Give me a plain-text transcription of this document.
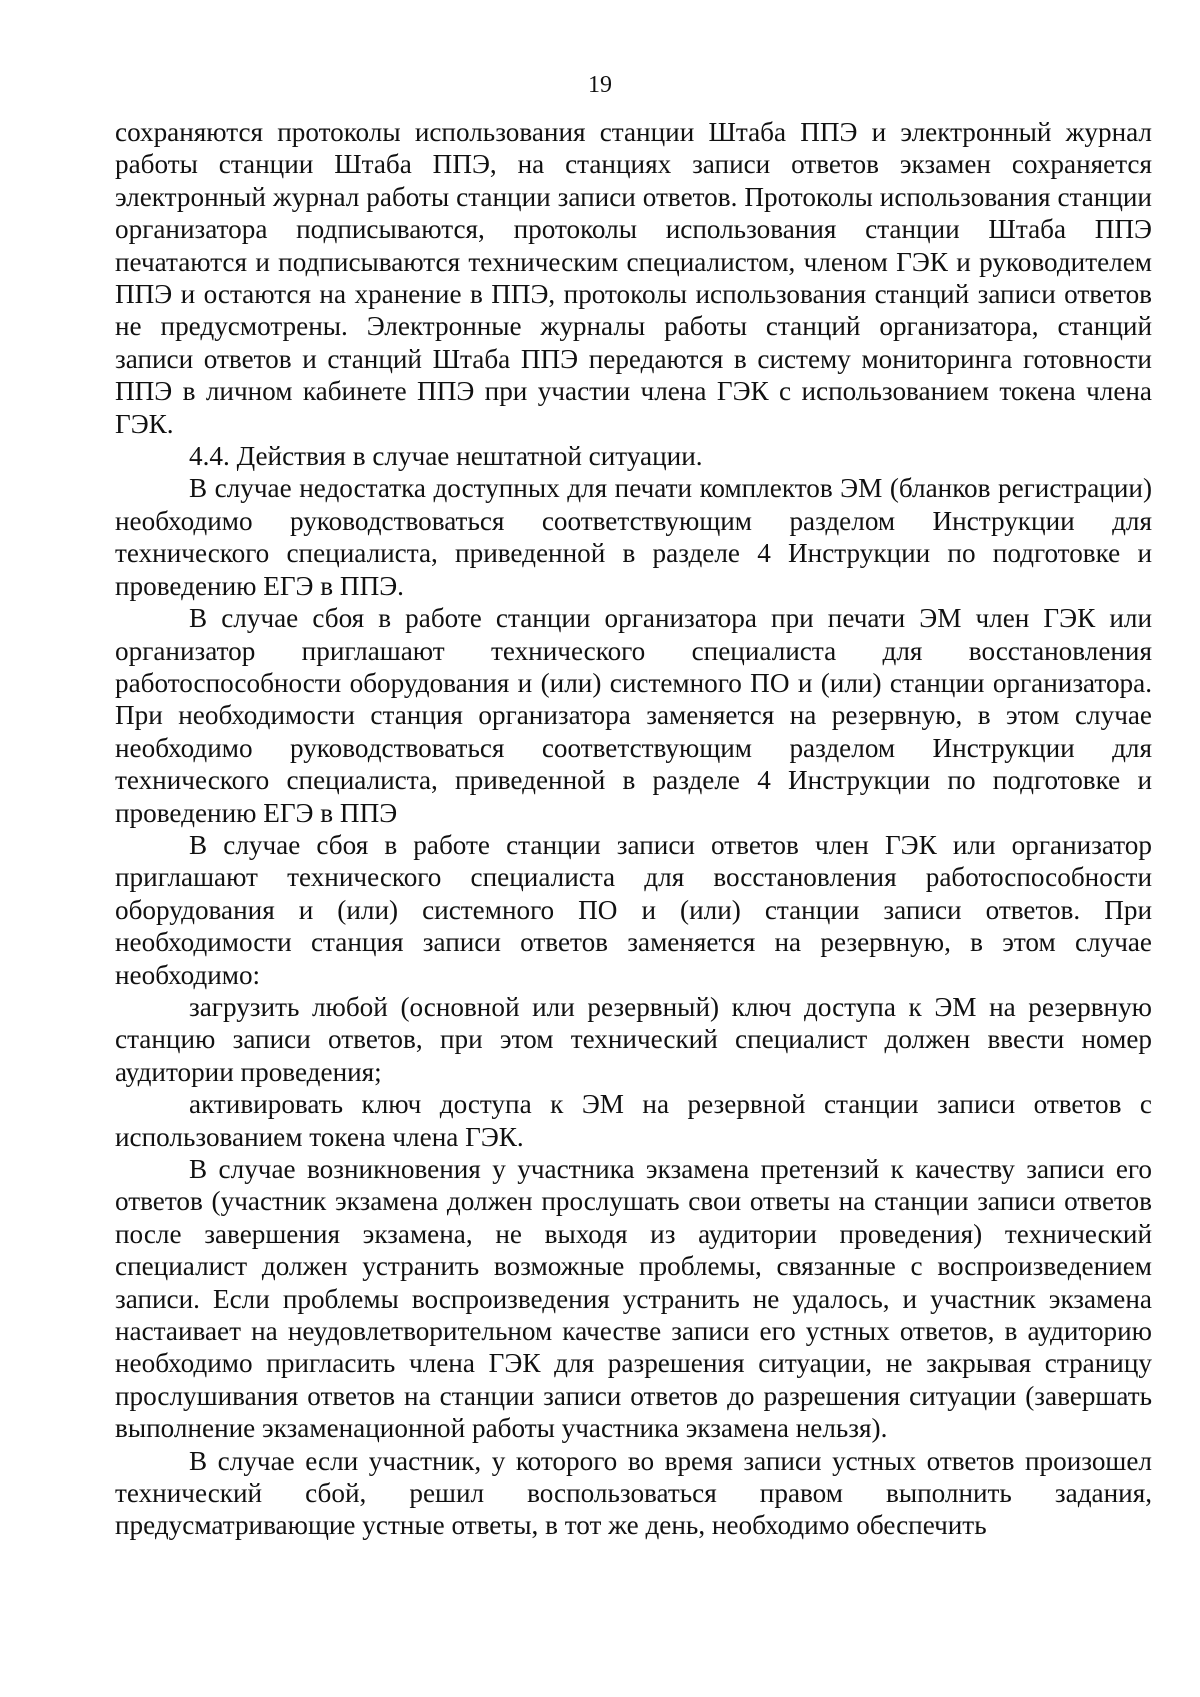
19

сохраняются протоколы использования станции Штаба ППЭ и электронный журнал работы станции Штаба ППЭ, на станциях записи ответов экзамен сохраняется электронный журнал работы станции записи ответов. Протоколы использования станции организатора подписываются, протоколы использования станции Штаба ППЭ печатаются и подписываются техническим специалистом, членом ГЭК и руководителем ППЭ и остаются на хранение в ППЭ, протоколы использования станций записи ответов не предусмотрены. Электронные журналы работы станций организатора, станций записи ответов и станций Штаба ППЭ передаются в систему мониторинга готовности ППЭ в личном кабинете ППЭ при участии члена ГЭК с использованием токена члена ГЭК.

4.4. Действия в случае нештатной ситуации.

В случае недостатка доступных для печати комплектов ЭМ (бланков регистрации) необходимо руководствоваться соответствующим разделом Инструкции для технического специалиста, приведенной в разделе 4 Инструкции по подготовке и проведению ЕГЭ в ППЭ.

В случае сбоя в работе станции организатора при печати ЭМ член ГЭК или организатор приглашают технического специалиста для восстановления работоспособности оборудования и (или) системного ПО и (или) станции организатора. При необходимости станция организатора заменяется на резервную, в этом случае необходимо руководствоваться соответствующим разделом Инструкции для технического специалиста, приведенной в разделе 4 Инструкции по подготовке и проведению ЕГЭ в ППЭ

В случае сбоя в работе станции записи ответов член ГЭК или организатор приглашают технического специалиста для восстановления работоспособности оборудования и (или) системного ПО и (или) станции записи ответов. При необходимости станция записи ответов заменяется на резервную, в этом случае необходимо:

загрузить любой (основной или резервный) ключ доступа к ЭМ на резервную станцию записи ответов, при этом технический специалист должен ввести номер аудитории проведения;

активировать ключ доступа к ЭМ на резервной станции записи ответов с использованием токена члена ГЭК.

В случае возникновения у участника экзамена претензий к качеству записи его ответов (участник экзамена должен прослушать свои ответы на станции записи ответов после завершения экзамена, не выходя из аудитории проведения) технический специалист должен устранить возможные проблемы, связанные с воспроизведением записи. Если проблемы воспроизведения устранить не удалось, и участник экзамена настаивает на неудовлетворительном качестве записи его устных ответов, в аудиторию необходимо пригласить члена ГЭК для разрешения ситуации, не закрывая страницу прослушивания ответов на станции записи ответов до разрешения ситуации (завершать выполнение экзаменационной работы участника экзамена нельзя).

В случае если участник, у которого во время записи устных ответов произошел технический сбой, решил воспользоваться правом выполнить задания, предусматривающие устные ответы, в тот же день, необходимо обеспечить
